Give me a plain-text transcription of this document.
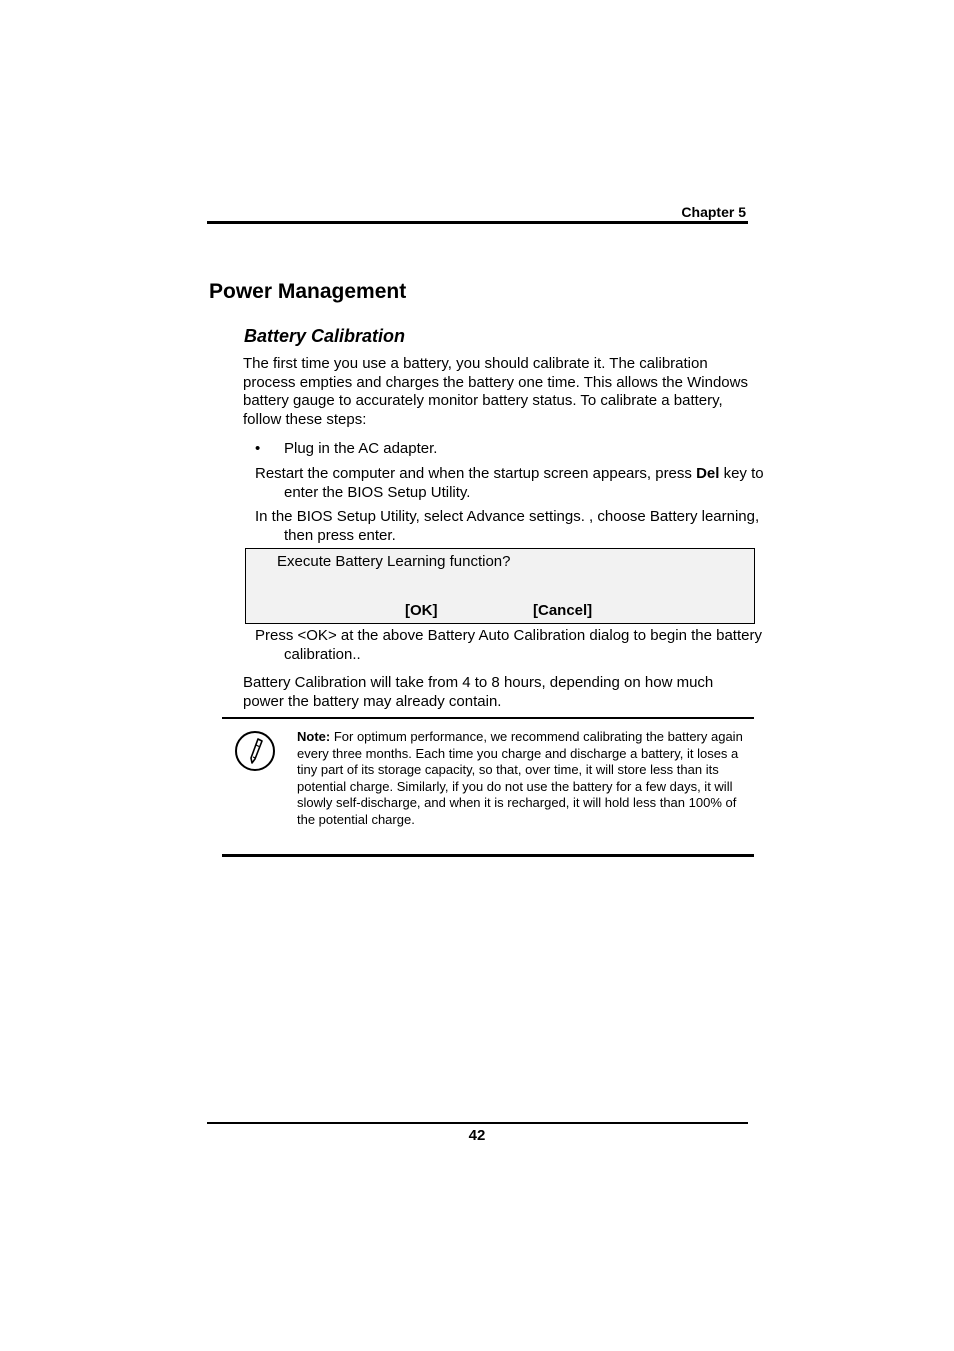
Chapter 5
Power Management
Battery Calibration
The first time you use a battery, you should calibrate it. The calibration process empties and charges the battery one time. This allows the Windows battery gauge to accurately monitor battery status. To calibrate a battery, follow these steps:
• Plug in the AC adapter.
Restart the computer and when the startup screen appears, press Del key to enter the BIOS Setup Utility.
In the BIOS Setup Utility, select Advance settings. , choose Battery learning, then press enter.
Execute Battery Learning function?
[OK]	[Cancel]
Press <OK> at the above Battery Auto Calibration dialog to begin the battery calibration..
Battery Calibration will take from 4 to 8 hours, depending on how much power the battery may already contain.
Note: For optimum performance, we recommend calibrating the battery again every three months. Each time you charge and discharge a battery, it loses a tiny part of its storage capacity, so that, over time, it will store less than its potential charge. Similarly, if you do not use the battery for a few days, it will slowly self-discharge, and when it is recharged, it will hold less than 100% of the potential charge.
42
